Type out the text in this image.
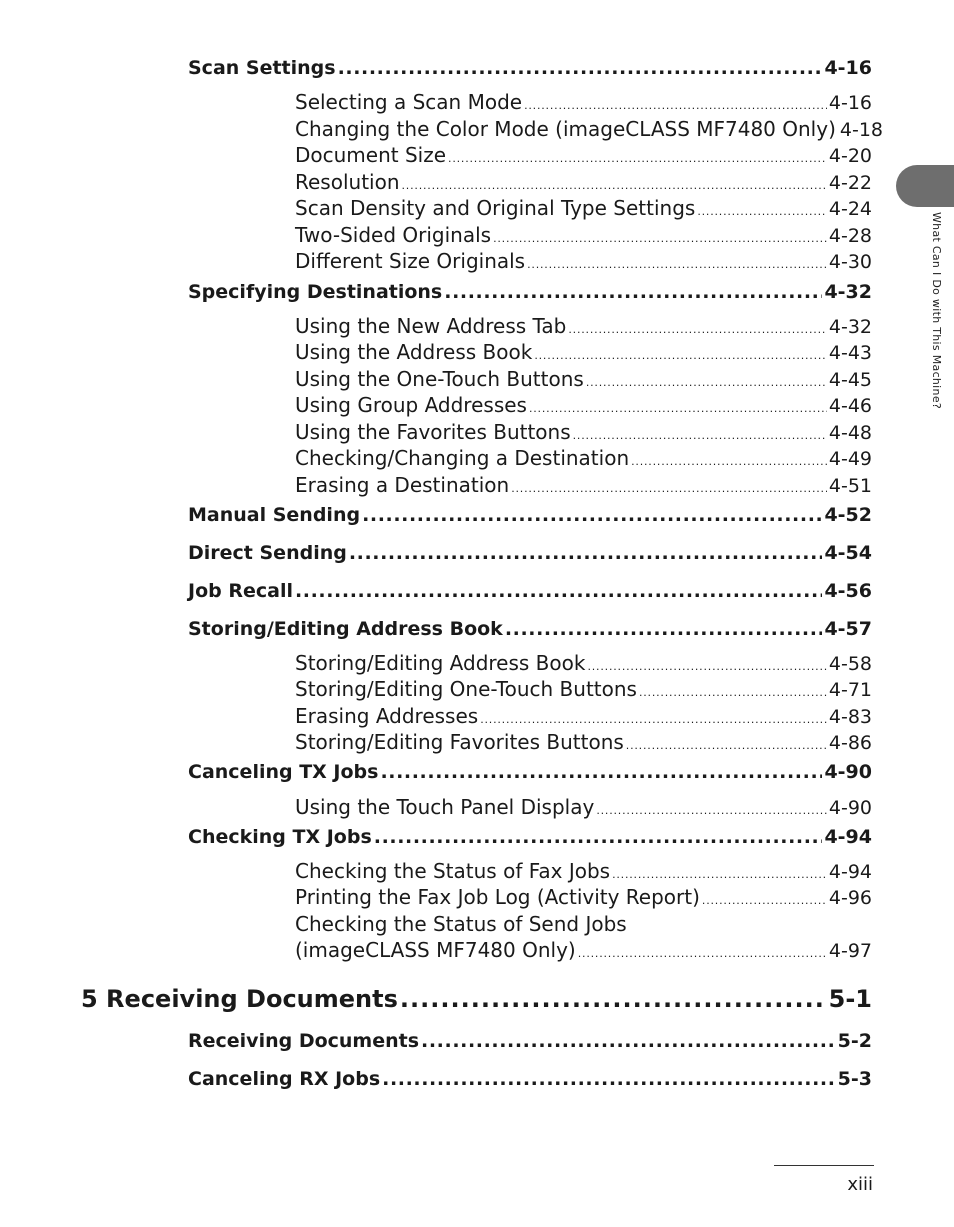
What Can I Do with This Machine?
Scan Settings .....	4-16
Selecting a Scan Mode .....	4-16
Changing the Color Mode (imageCLASS MF7480 Only) 4-18
Document Size .....	4-20
Resolution .....	4-22
Scan Density and Original Type Settings .....	4-24
Two-Sided Originals .....	4-28
Different Size Originals .....	4-30
Specifying Destinations .....	4-32
Using the New Address Tab .....	4-32
Using the Address Book .....	4-43
Using the One-Touch Buttons .....	4-45
Using Group Addresses .....	4-46
Using the Favorites Buttons .....	4-48
Checking/Changing a Destination .....	4-49
Erasing a Destination .....	4-51
Manual Sending .....	4-52
Direct Sending .....	4-54
Job Recall .....	4-56
Storing/Editing Address Book .....	4-57
Storing/Editing Address Book .....	4-58
Storing/Editing One-Touch Buttons .....	4-71
Erasing Addresses .....	4-83
Storing/Editing Favorites Buttons .....	4-86
Canceling TX Jobs .....	4-90
Using the Touch Panel Display .....	4-90
Checking TX Jobs .....	4-94
Checking the Status of Fax Jobs .....	4-94
Printing the Fax Job Log (Activity Report) .....	4-96
Checking the Status of Send Jobs
(imageCLASS MF7480 Only) .....	4-97
5 Receiving Documents .....	5-1
Receiving Documents .....	5-2
Canceling RX Jobs .....	5-3
xiii
